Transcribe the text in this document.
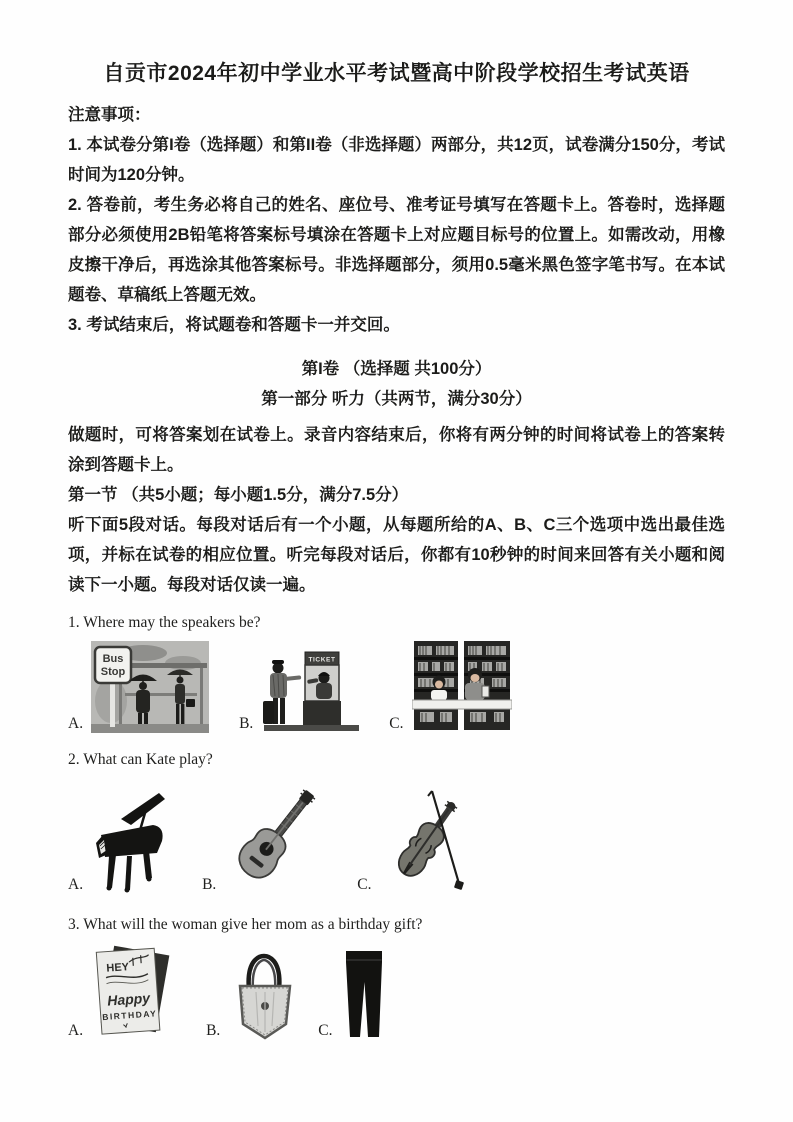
自贡市2024年初中学业水平考试暨高中阶段学校招生考试英语

注意事项：

1. 本试卷分第I卷（选择题）和第II卷（非选择题）两部分，共12页，试卷满分150分，考试时间为120分钟。

2. 答卷前，考生务必将自己的姓名、座位号、准考证号填写在答题卡上。答卷时，选择题部分必须使用2B铅笔将答案标号填涂在答题卡上对应题目标号的位置上。如需改动，用橡皮擦干净后，再选涂其他答案标号。非选择题部分，须用0.5毫米黑色签字笔书写。在本试题卷、草稿纸上答题无效。

3. 考试结束后，将试题卷和答题卡一并交回。

第I卷 （选择题 共100分）

第一部分 听力（共两节，满分30分）

做题时，可将答案划在试卷上。录音内容结束后，你将有两分钟的时间将试卷上的答案转涂到答题卡上。

第一节 （共5小题；每小题1.5分，满分7.5分）

听下面5段对话。每段对话后有一个小题，从每题所给的A、B、C三个选项中选出最佳选项，并标在试卷的相应位置。听完每段对话后，你都有10秒钟的时间来回答有关小题和阅读下一小题。每段对话仅读一遍。

1. Where may the speakers be?

A.
Bus
Stop
B.
TICKET
C.

2. What can Kate play?

A.	B.	C.

3. What will the woman give her mom as a birthday gift?

A.
HEY
Happy
BIRTHDAY
B.	C.
